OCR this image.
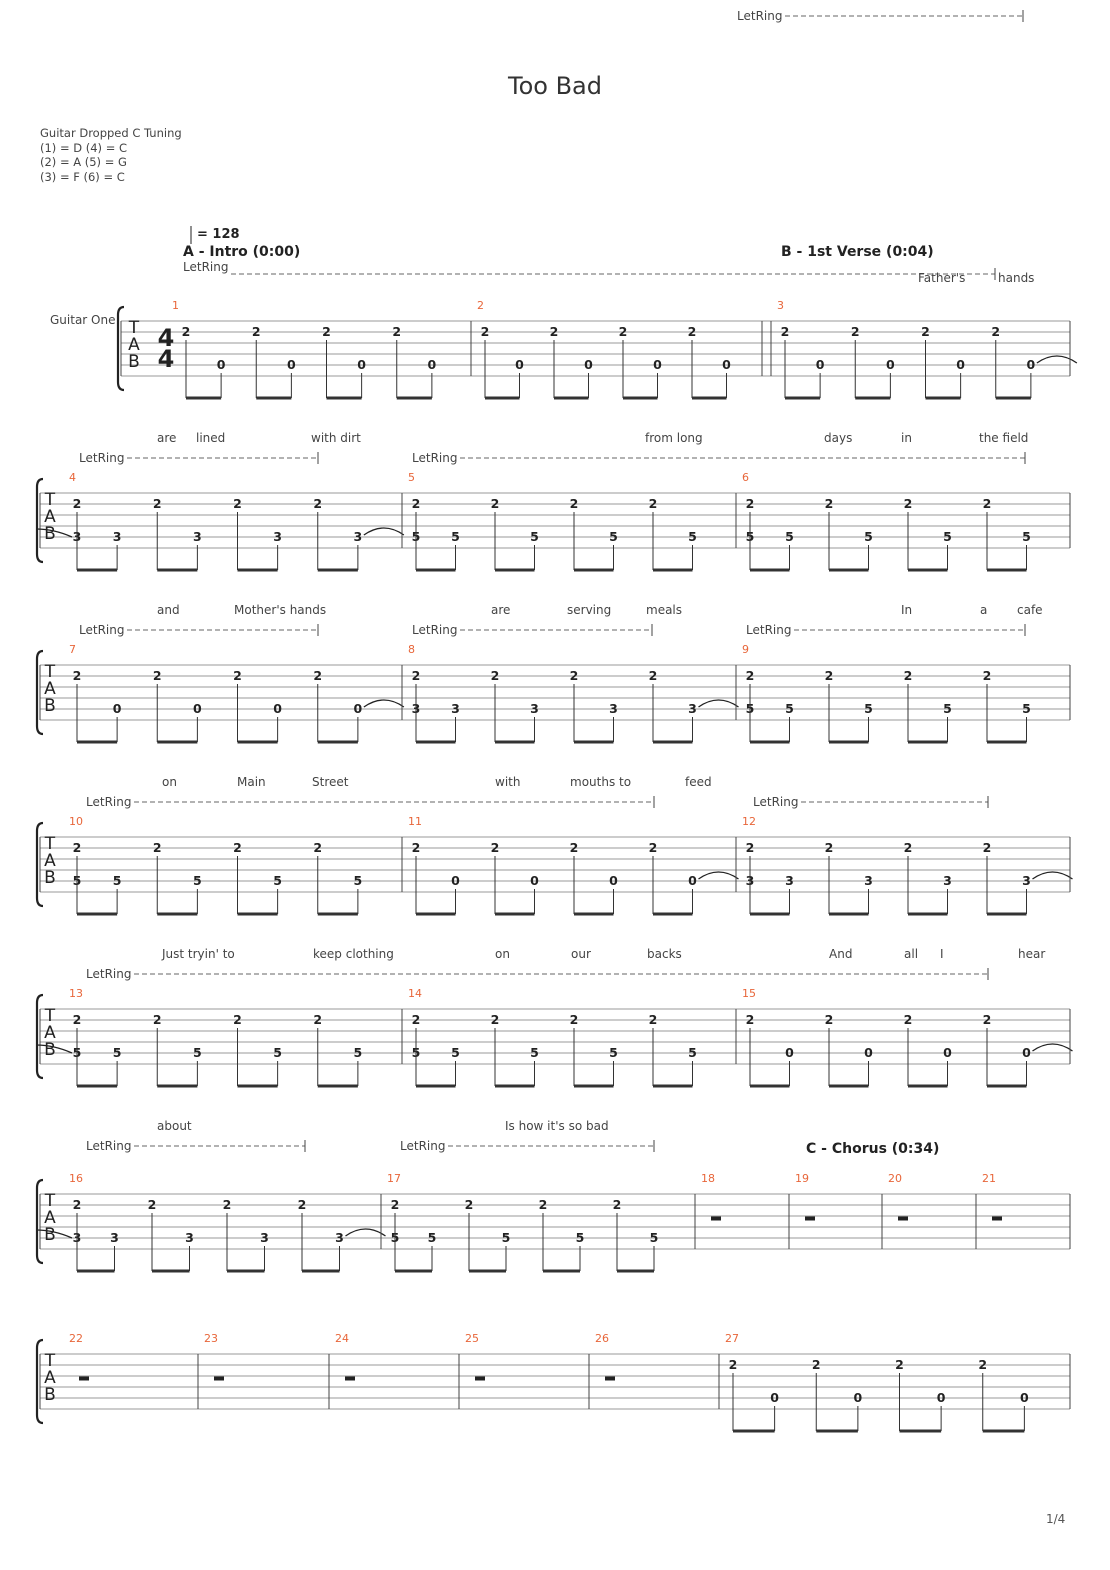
Too Bad
Guitar Dropped C Tuning
(1) = D (4) = C
(2) = A (5) = G
(3) = F (6) = C
T
A
B
Guitar One
4
4
= 128
LetRing
Father's	hands
1
A - Intro (0:00)
2
0
2
0
2
0
2
0
2
2
0
2
0
2
0
2
0
3
B - 1st Verse (0:04)
2
0
2
0
2
0
2
0
T
A
B
LetRing	LetRing
are lined	with dirt	from long	days	in	the field
4
2
3	3
2
3
2
3
2
3
5
2
5 5
2
5
2
5
2
5
6
2
5 5
2
5
2
5
2
5
T
A
B
LetRing	LetRing	LetRing
and	Mother's hands	are	serving	meals	In	a cafe
7
2
0
2
0
2
0
2
0
8
2
3 3
2
3
2
3
2
3
9
2
5 5
2
5
2
5
2
5
T
A
B
LetRing	LetRing
on	Main	Street	with	mouths to	feed
10
2
5	5
2
5
2
5
2
5
11
2
0
2
0
2
0
2
0
12
2
3 3
2
3
2
3
2
3
T
A
B
LetRing
Just tryin' to	keep clothing	on	our	backs	And	all I	hear
13
2
5	5
2
5
2
5
2
5
14
2
5 5
2
5
2
5
2
5
15
2
0
2
0
2
0
2
0
T
A
B
LetRing	LetRing
about	Is how it's so bad
16
2
3 3
2
3
2
3
2
3
17
2
5 5
2
5
2
5
2
5
18
C - Chorus (0:34)
19	20	21
T
A
B
LetRing
22	23	24	25	26	27
2
0
2
0
2
0
2
0
1/4
